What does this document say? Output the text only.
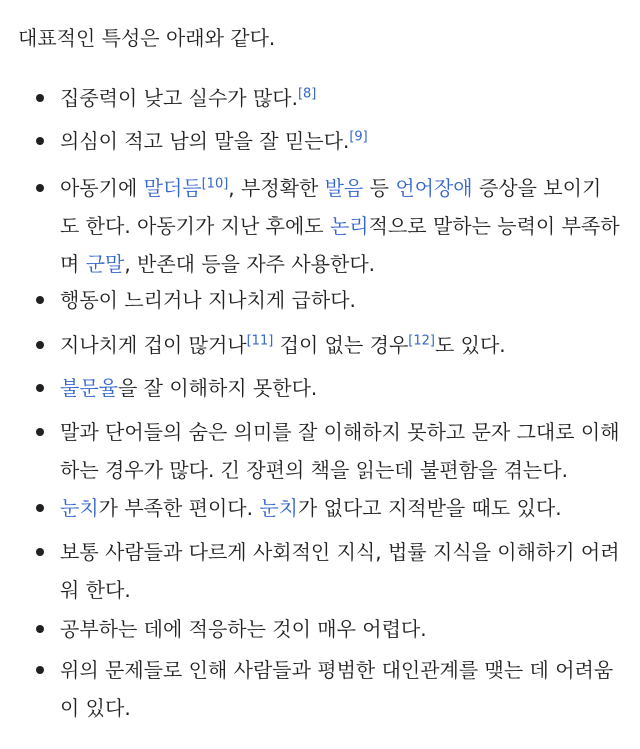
대표적인 특성은 아래와 같다.

집중력이 낮고 실수가 많다.[8]
의심이 적고 남의 말을 잘 믿는다.[9]
아동기에 말더듬[10], 부정확한 발음 등 언어장애 증상을 보이기도 한다. 아동기가 지난 후에도 논리적으로 말하는 능력이 부족하며 군말, 반존대 등을 자주 사용한다.
행동이 느리거나 지나치게 급하다.
지나치게 겁이 많거나[11] 겁이 없는 경우[12]도 있다.
불문율을 잘 이해하지 못한다.
말과 단어들의 숨은 의미를 잘 이해하지 못하고 문자 그대로 이해하는 경우가 많다. 긴 장편의 책을 읽는데 불편함을 겪는다.
눈치가 부족한 편이다. 눈치가 없다고 지적받을 때도 있다.
보통 사람들과 다르게 사회적인 지식, 법률 지식을 이해하기 어려워 한다.
공부하는 데에 적응하는 것이 매우 어렵다.
위의 문제들로 인해 사람들과 평범한 대인관계를 맺는 데 어려움이 있다.
